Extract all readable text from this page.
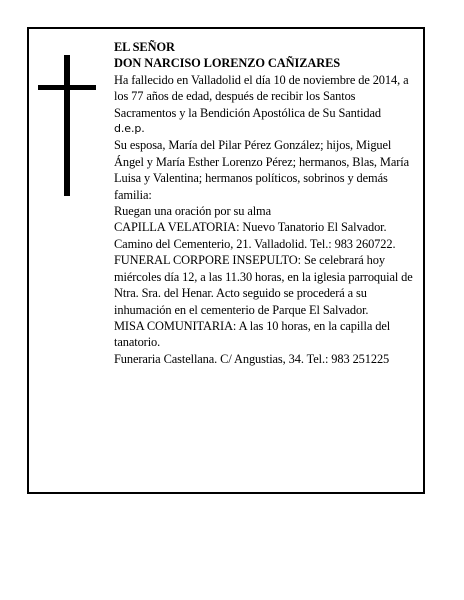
EL SEÑOR

DON NARCISO LORENZO CAÑIZARES

Ha fallecido en Valladolid el día 10 de noviembre de 2014, a los 77 años de edad, después de recibir los Santos Sacramentos y la Bendición Apostólica de Su Santidad

d.e.p.

Su esposa, María del Pilar Pérez González; hijos, Miguel Ángel y María Esther Lorenzo Pérez; hermanos, Blas, María Luisa y Valentina; hermanos políticos, sobrinos y demás familia:

Ruegan una oración por su alma

CAPILLA VELATORIA: Nuevo Tanatorio El Salvador. Camino del Cementerio, 21. Valladolid. Tel.: 983 260722.

FUNERAL CORPORE INSEPULTO: Se celebrará hoy miércoles día 12, a las 11.30 horas, en la iglesia parroquial de Ntra. Sra. del Henar. Acto seguido se procederá a su inhumación en el cementerio de Parque El Salvador.

MISA COMUNITARIA: A las 10 horas, en la capilla del tanatorio.

Funeraria Castellana. C/ Angustias, 34. Tel.: 983 251225
